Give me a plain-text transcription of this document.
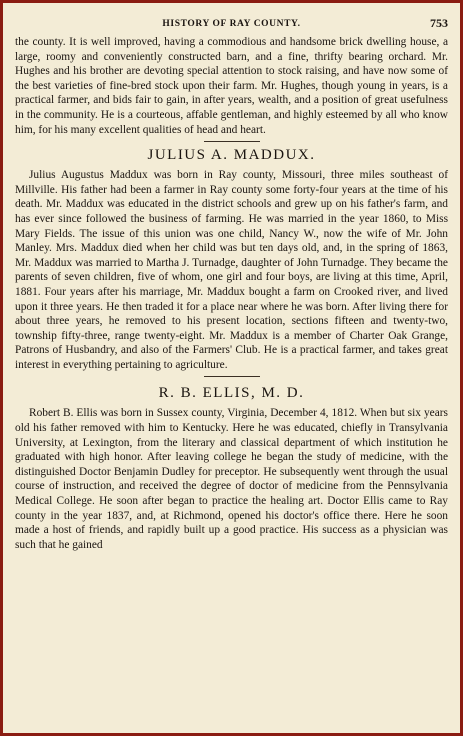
HISTORY OF RAY COUNTY.	753

the county. It is well improved, having a commodious and handsome brick dwelling house, a large, roomy and conveniently constructed barn, and a fine, thrifty bearing orchard. Mr. Hughes and his brother are devoting special attention to stock raising, and have now some of the best varieties of fine-bred stock upon their farm. Mr. Hughes, though young in years, is a practical farmer, and bids fair to gain, in after years, wealth, and a position of great usefulness in the community. He is a courteous, affable gentleman, and highly esteemed by all who know him, for his many excellent qualities of head and heart.

JULIUS A. MADDUX.

Julius Augustus Maddux was born in Ray county, Missouri, three miles southeast of Millville. His father had been a farmer in Ray county some forty-four years at the time of his death. Mr. Maddux was educated in the district schools and grew up on his father's farm, and has ever since followed the business of farming. He was married in the year 1860, to Miss Mary Fields. The issue of this union was one child, Nancy W., now the wife of Mr. John Manley. Mrs. Maddux died when her child was but ten days old, and, in the spring of 1863, Mr. Maddux was married to Martha J. Turnadge, daughter of John Turnadge. They became the parents of seven children, five of whom, one girl and four boys, are living at this time, April, 1881. Four years after his marriage, Mr. Maddux bought a farm on Crooked river, and lived upon it three years. He then traded it for a place near where he was born. After living there for about three years, he removed to his present location, sections fifteen and twenty-two, township fifty-three, range twenty-eight. Mr. Maddux is a member of Charter Oak Grange, Patrons of Husbandry, and also of the Farmers' Club. He is a practical farmer, and takes great interest in everything pertaining to agriculture.

R. B. ELLIS, M. D.

Robert B. Ellis was born in Sussex county, Virginia, December 4, 1812. When but six years old his father removed with him to Kentucky. Here he was educated, chiefly in Transylvania University, at Lexington, from the literary and classical department of which institution he graduated with high honor. After leaving college he began the study of medicine, with the distinguished Doctor Benjamin Dudley for preceptor. He subsequently went through the usual course of instruction, and received the degree of doctor of medicine from the Pennsylvania Medical College. He soon after began to practice the healing art. Doctor Ellis came to Ray county in the year 1837, and, at Richmond, opened his doctor's office there. Here he soon made a host of friends, and rapidly built up a good practice. His success as a physician was such that he gained
